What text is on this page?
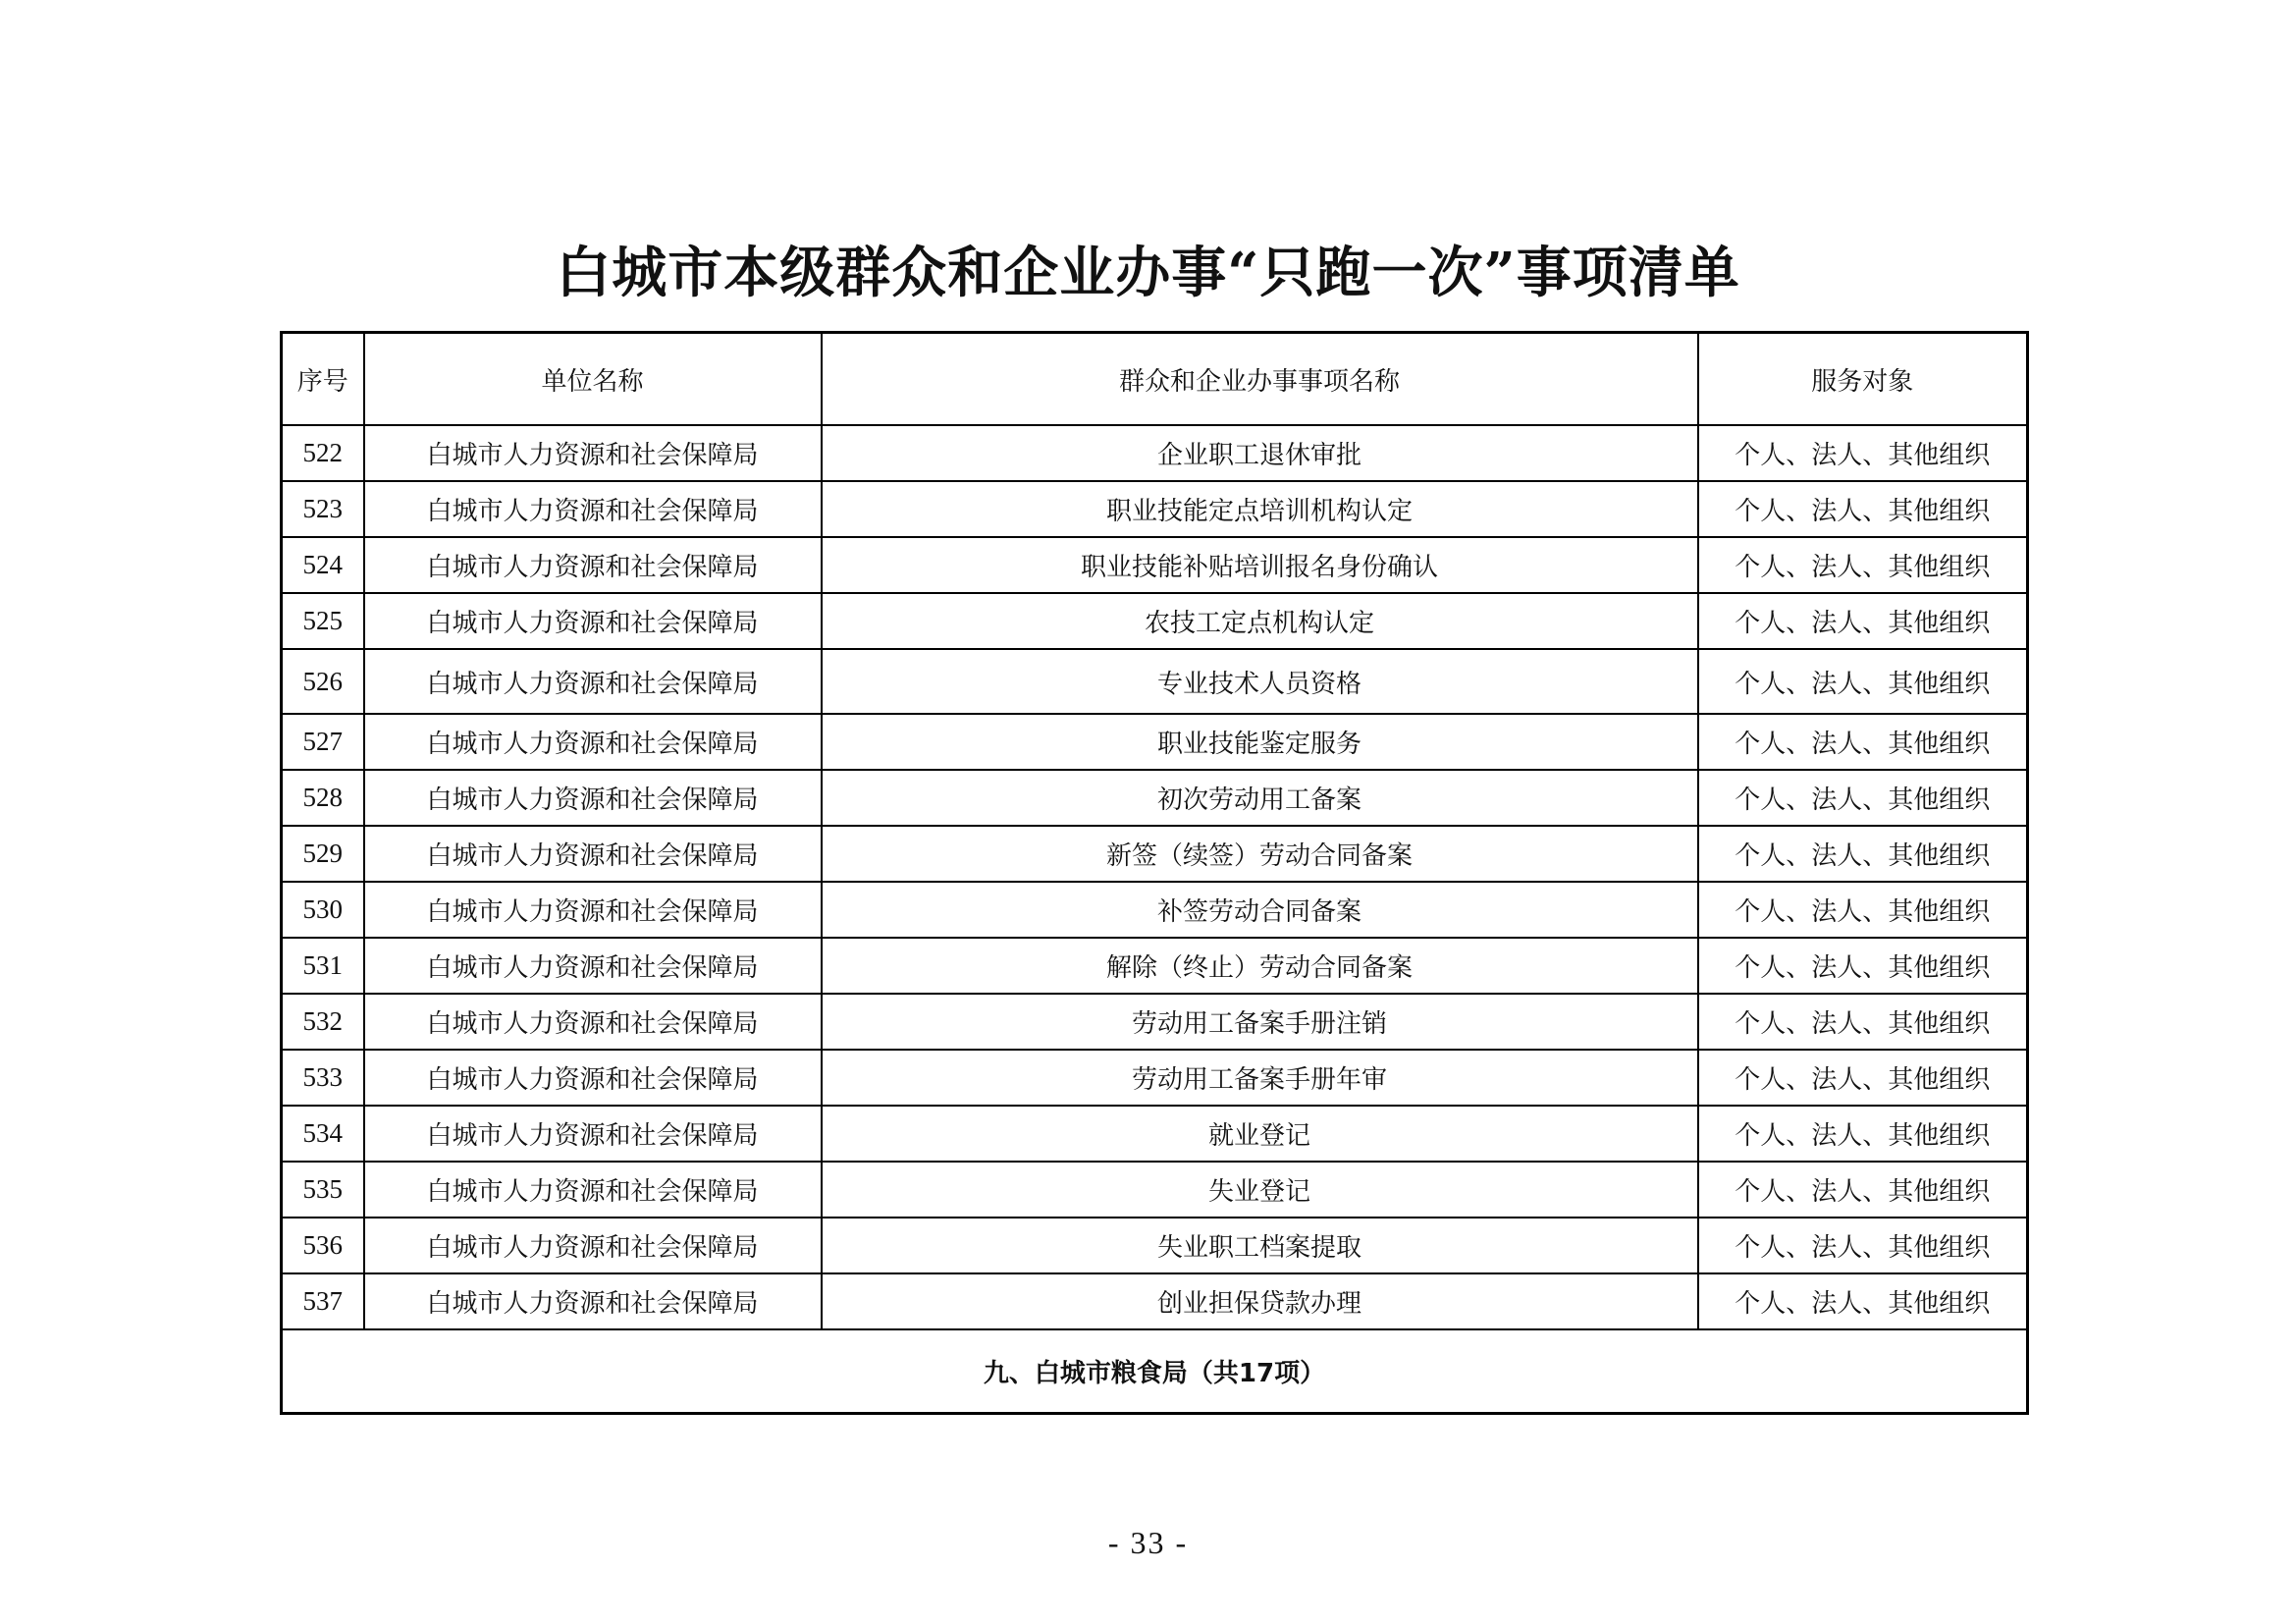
白城市本级群众和企业办事“只跑一次”事项清单
序号	单位名称	群众和企业办事事项名称	服务对象
522	白城市人力资源和社会保障局	企业职工退休审批	个人、法人、其他组织
523	白城市人力资源和社会保障局	职业技能定点培训机构认定	个人、法人、其他组织
524	白城市人力资源和社会保障局	职业技能补贴培训报名身份确认	个人、法人、其他组织
525	白城市人力资源和社会保障局	农技工定点机构认定	个人、法人、其他组织
526	白城市人力资源和社会保障局	专业技术人员资格	个人、法人、其他组织
527	白城市人力资源和社会保障局	职业技能鉴定服务	个人、法人、其他组织
528	白城市人力资源和社会保障局	初次劳动用工备案	个人、法人、其他组织
529	白城市人力资源和社会保障局	新签（续签）劳动合同备案	个人、法人、其他组织
530	白城市人力资源和社会保障局	补签劳动合同备案	个人、法人、其他组织
531	白城市人力资源和社会保障局	解除（终止）劳动合同备案	个人、法人、其他组织
532	白城市人力资源和社会保障局	劳动用工备案手册注销	个人、法人、其他组织
533	白城市人力资源和社会保障局	劳动用工备案手册年审	个人、法人、其他组织
534	白城市人力资源和社会保障局	就业登记	个人、法人、其他组织
535	白城市人力资源和社会保障局	失业登记	个人、法人、其他组织
536	白城市人力资源和社会保障局	失业职工档案提取	个人、法人、其他组织
537	白城市人力资源和社会保障局	创业担保贷款办理	个人、法人、其他组织
九、白城市粮食局（共17项）			
- 33 -
